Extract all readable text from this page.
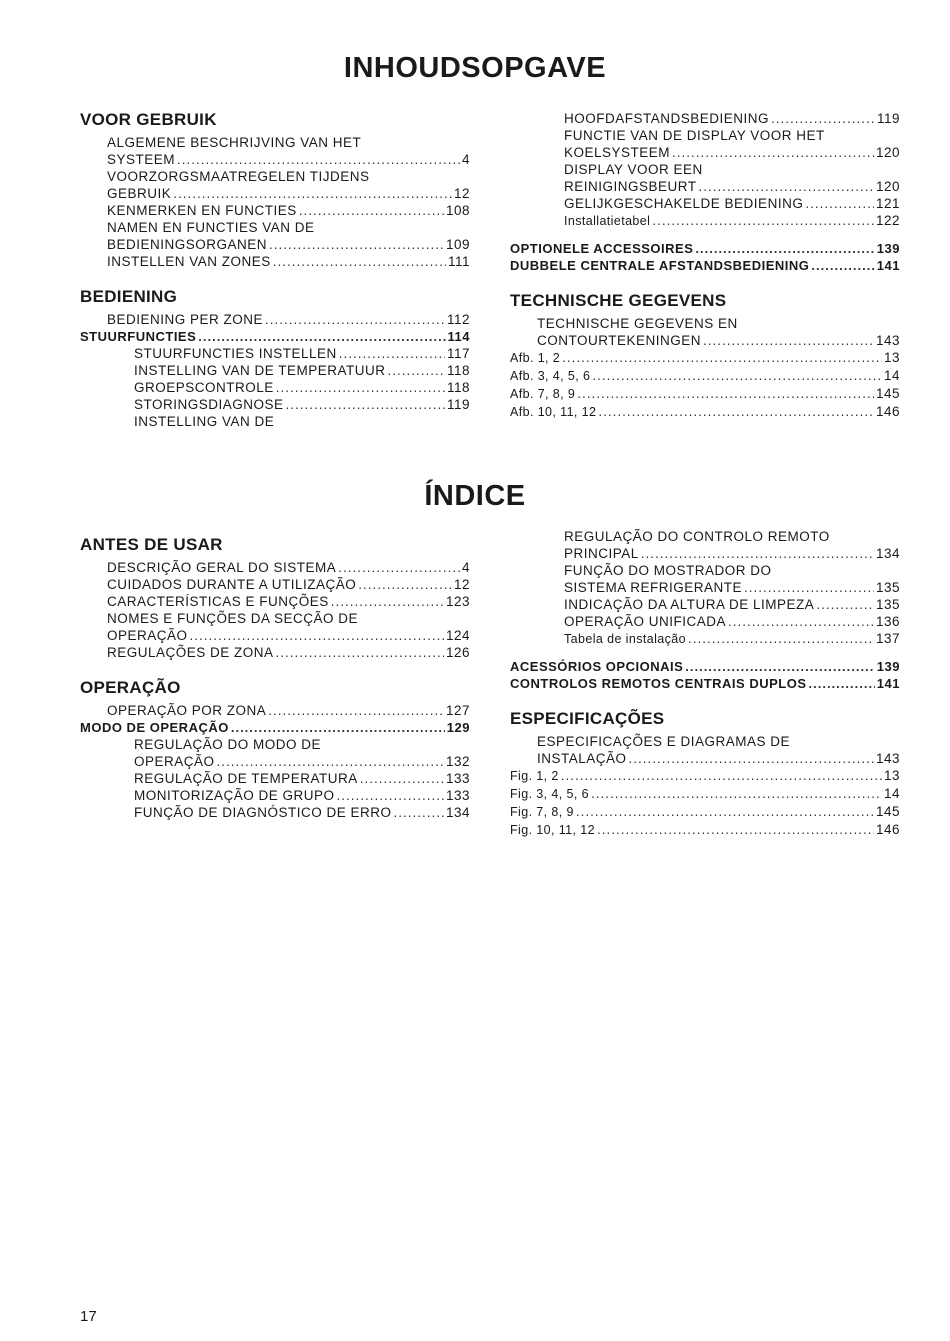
INHOUDSOPGAVE
VOOR GEBRUIK
ALGEMENE BESCHRIJVING VAN HET
SYSTEEM .....	4
VOORZORGSMAATREGELEN TIJDENS
GEBRUIK .....	12
KENMERKEN EN FUNCTIES .....	108
NAMEN EN FUNCTIES VAN DE
BEDIENINGSORGANEN .....	109
INSTELLEN VAN ZONES .....	111
BEDIENING
BEDIENING PER ZONE .....	112
STUURFUNCTIES .....	114
STUURFUNCTIES INSTELLEN .....	117
INSTELLING VAN DE TEMPERATUUR .....	118
GROEPSCONTROLE .....	118
STORINGSDIAGNOSE .....	119
INSTELLING VAN DE
HOOFDAFSTANDSBEDIENING .....	119
FUNCTIE VAN DE DISPLAY VOOR HET
KOELSYSTEEM .....	120
DISPLAY VOOR EEN
REINIGINGSBEURT .....	120
GELIJKGESCHAKELDE BEDIENING .....	121
Installatietabel .....	122
OPTIONELE ACCESSOIRES .....	139
DUBBELE CENTRALE AFSTANDSBEDIENING .....	141
TECHNISCHE GEGEVENS
TECHNISCHE GEGEVENS EN
CONTOURTEKENINGEN .....	143
Afb. 1, 2 .....	13
Afb. 3, 4, 5, 6 .....	14
Afb. 7, 8, 9 .....	145
Afb. 10, 11, 12 .....	146
ÍNDICE
ANTES DE USAR
DESCRIÇÃO GERAL DO SISTEMA .....	4
CUIDADOS DURANTE A UTILIZAÇÃO .....	12
CARACTERÍSTICAS E FUNÇÕES .....	123
NOMES E FUNÇÕES DA SECÇÃO DE
OPERAÇÃO .....	124
REGULAÇÕES DE ZONA .....	126
OPERAÇÃO
OPERAÇÃO POR ZONA .....	127
MODO DE OPERAÇÃO .....	129
REGULAÇÃO DO MODO DE
OPERAÇÃO .....	132
REGULAÇÃO DE TEMPERATURA .....	133
MONITORIZAÇÃO DE GRUPO .....	133
FUNÇÃO DE DIAGNÓSTICO DE ERRO .....	134
REGULAÇÃO DO CONTROLO REMOTO
PRINCIPAL .....	134
FUNÇÃO DO MOSTRADOR DO
SISTEMA REFRIGERANTE .....	135
INDICAÇÃO DA ALTURA DE LIMPEZA .....	135
OPERAÇÃO UNIFICADA .....	136
Tabela de instalação .....	137
ACESSÓRIOS OPCIONAIS .....	139
CONTROLOS REMOTOS CENTRAIS DUPLOS .....	141
ESPECIFICAÇÕES
ESPECIFICAÇÕES E DIAGRAMAS DE
INSTALAÇÃO .....	143
Fig. 1, 2 .....	13
Fig. 3, 4, 5, 6 .....	14
Fig. 7, 8, 9 .....	145
Fig. 10, 11, 12 .....	146
17
